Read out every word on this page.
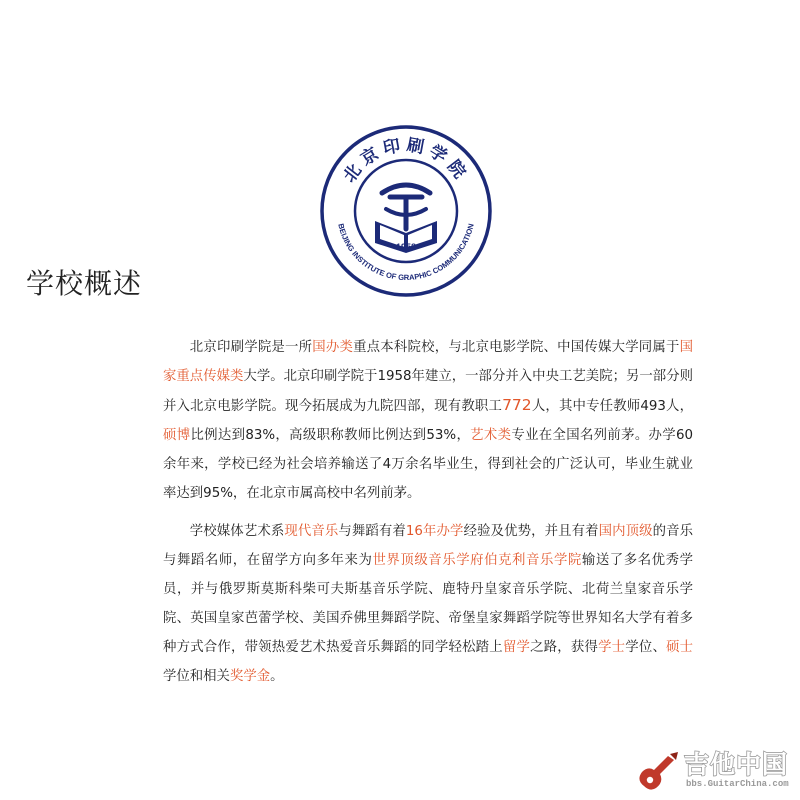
北京印刷学院
BEIJING INSTITUTE OF GRAPHIC COMMUNICATION
1958
学校概述

北京印刷学院是一所国办类重点本科院校，与北京电影学院、中国传媒大学同属于国家重点传媒类大学。北京印刷学院于1958年建立，一部分并入中央工艺美院；另一部分则并入北京电影学院。现今拓展成为九院四部，现有教职工772人，其中专任教师493人，硕博比例达到83%，高级职称教师比例达到53%，艺术类专业在全国名列前茅。办学60余年来，学校已经为社会培养输送了4万余名毕业生，得到社会的广泛认可，毕业生就业率达到95%，在北京市属高校中名列前茅。

学校媒体艺术系现代音乐与舞蹈有着16年办学经验及优势，并且有着国内顶级的音乐与舞蹈名师，在留学方向多年来为世界顶级音乐学府伯克利音乐学院输送了多名优秀学员，并与俄罗斯莫斯科柴可夫斯基音乐学院、鹿特丹皇家音乐学院、北荷兰皇家音乐学院、英国皇家芭蕾学校、美国乔佛里舞蹈学院、帝堡皇家舞蹈学院等世界知名大学有着多种方式合作，带领热爱艺术热爱音乐舞蹈的同学轻松踏上留学之路，获得学士学位、硕士学位和相关奖学金。

吉他中国
bbs.GuitarChina.com
